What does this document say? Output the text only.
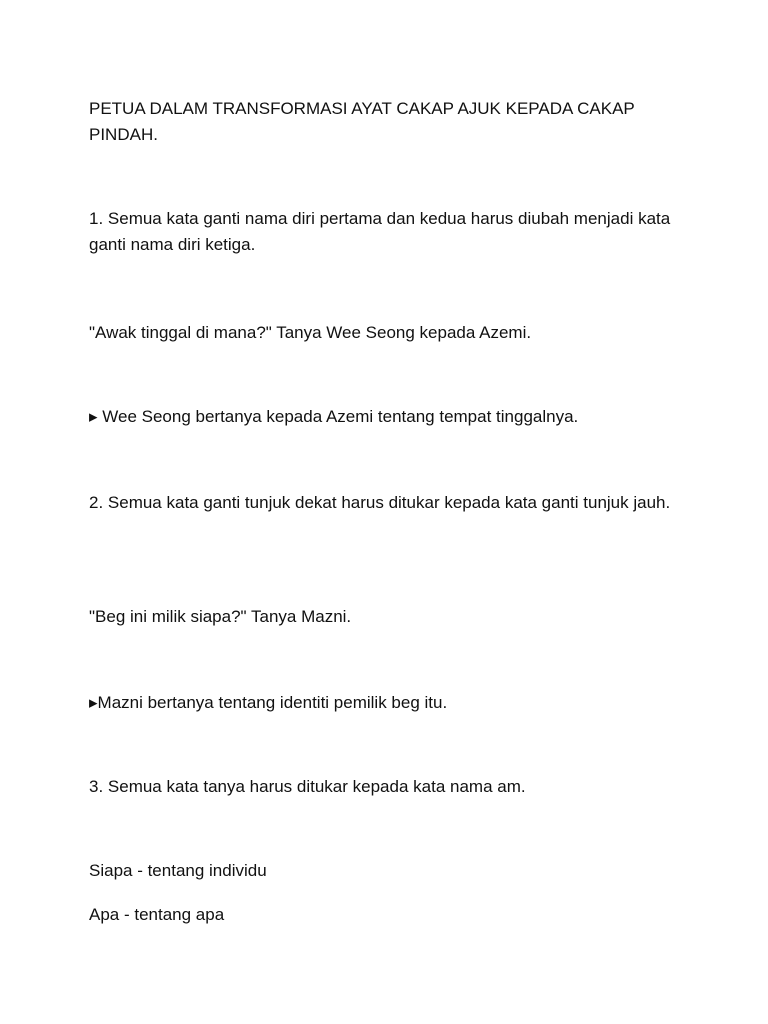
PETUA DALAM TRANSFORMASI AYAT CAKAP AJUK KEPADA CAKAP PINDAH.

1. Semua kata ganti nama diri pertama dan kedua harus diubah menjadi kata ganti nama diri ketiga.

"Awak tinggal di mana?" Tanya Wee Seong kepada Azemi.

▸ Wee Seong bertanya kepada Azemi tentang tempat tinggalnya.

2. Semua kata ganti tunjuk dekat harus ditukar kepada kata ganti tunjuk jauh.

"Beg ini milik siapa?" Tanya Mazni.

▸Mazni bertanya tentang identiti pemilik beg itu.

3. Semua kata tanya harus ditukar kepada kata nama am.

Siapa - tentang individu

Apa - tentang apa
